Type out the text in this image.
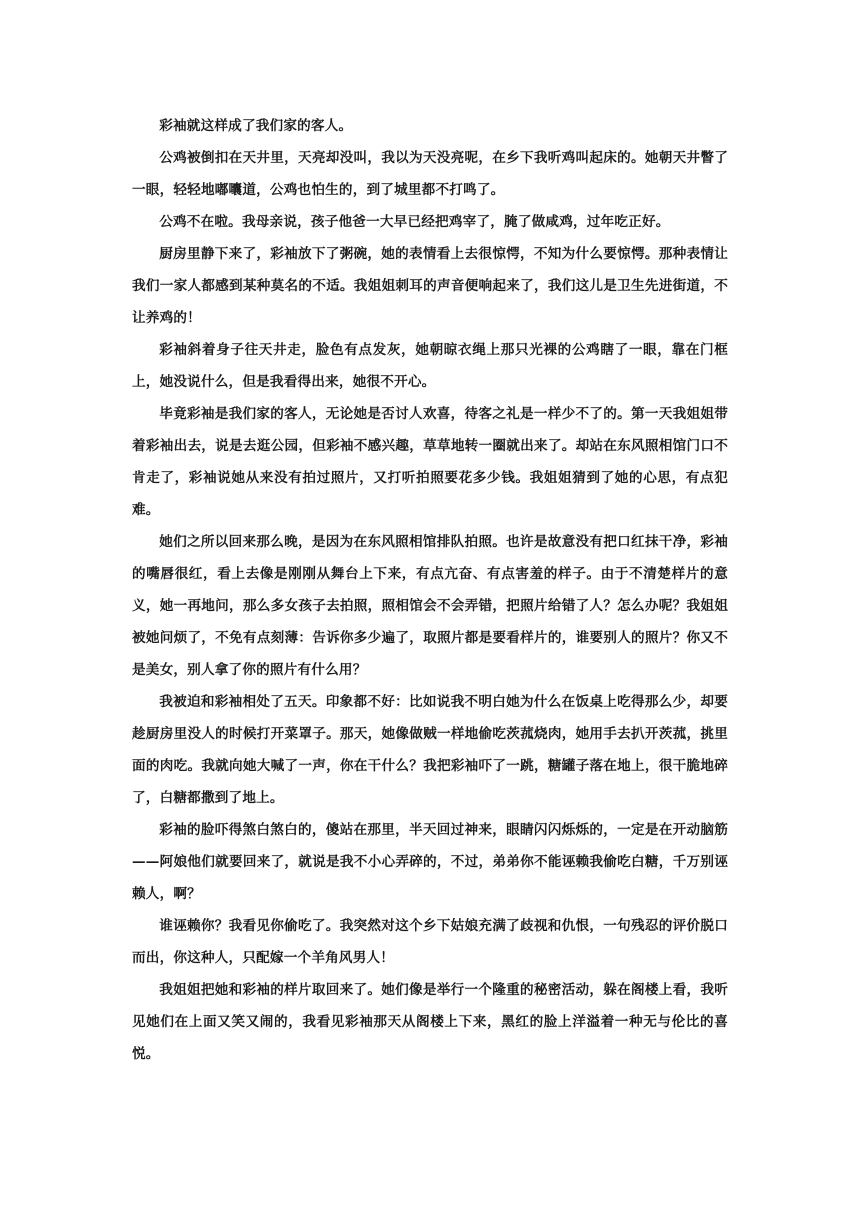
彩袖就这样成了我们家的客人。

公鸡被倒扣在天井里，天亮却没叫，我以为天没亮呢，在乡下我听鸡叫起床的。她朝天井瞥了一眼，轻轻地嘟囔道，公鸡也怕生的，到了城里都不打鸣了。

公鸡不在啦。我母亲说，孩子他爸一大早已经把鸡宰了，腌了做咸鸡，过年吃正好。

厨房里静下来了，彩袖放下了粥碗，她的表情看上去很惊愕，不知为什么要惊愕。那种表情让我们一家人都感到某种莫名的不适。我姐姐刺耳的声音便响起来了，我们这儿是卫生先进街道，不让养鸡的！

彩袖斜着身子往天井走，脸色有点发灰，她朝晾衣绳上那只光裸的公鸡瞎了一眼，靠在门框上，她没说什么，但是我看得出来，她很不开心。

毕竟彩袖是我们家的客人，无论她是否讨人欢喜，待客之礼是一样少不了的。第一天我姐姐带着彩袖出去，说是去逛公园，但彩袖不感兴趣，草草地转一圈就出来了。却站在东风照相馆门口不肯走了，彩袖说她从来没有拍过照片，又打听拍照要花多少钱。我姐姐猜到了她的心思，有点犯难。

她们之所以回来那么晚，是因为在东风照相馆排队拍照。也许是故意没有把口红抹干净，彩袖的嘴唇很红，看上去像是刚刚从舞台上下来，有点亢奋、有点害羞的样子。由于不清楚样片的意义，她一再地问，那么多女孩子去拍照，照相馆会不会弄错，把照片给错了人？怎么办呢？我姐姐被她问烦了，不免有点刻薄：告诉你多少遍了，取照片都是要看样片的，谁要别人的照片？你又不是美女，别人拿了你的照片有什么用？

我被迫和彩袖相处了五天。印象都不好：比如说我不明白她为什么在饭桌上吃得那么少，却要趁厨房里没人的时候打开菜罩子。那天，她像做贼一样地偷吃茨菰烧肉，她用手去扒开茨菰，挑里面的肉吃。我就向她大喊了一声，你在干什么？我把彩袖吓了一跳，糖罐子落在地上，很干脆地碎了，白糖都撒到了地上。

彩袖的脸吓得煞白煞白的，傻站在那里，半天回过神来，眼睛闪闪烁烁的，一定是在开动脑筋——阿娘他们就要回来了，就说是我不小心弄碎的，不过，弟弟你不能诬赖我偷吃白糖，千万别诬赖人，啊？

谁诬赖你？我看见你偷吃了。我突然对这个乡下姑娘充满了歧视和仇恨，一句残忍的评价脱口而出，你这种人，只配嫁一个羊角风男人！

我姐姐把她和彩袖的样片取回来了。她们像是举行一个隆重的秘密活动，躲在阁楼上看，我听见她们在上面又笑又闹的，我看见彩袖那天从阁楼上下来，黑红的脸上洋溢着一种无与伦比的喜悦。
